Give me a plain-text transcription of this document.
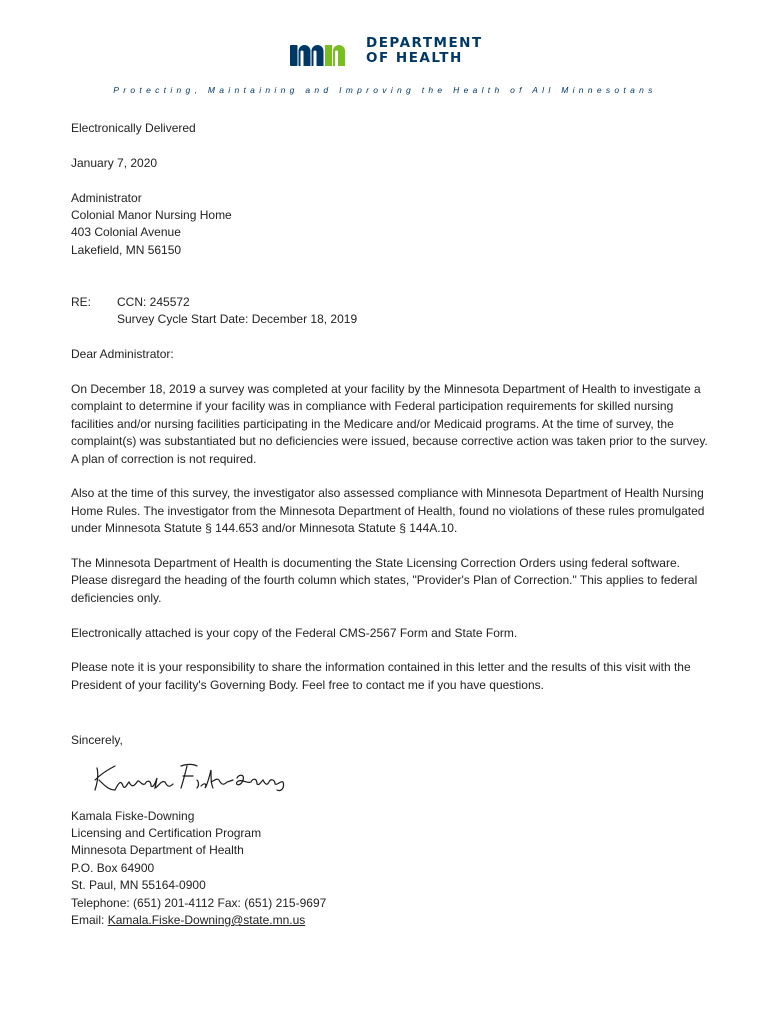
DEPARTMENT
OF HEALTH
Protecting, Maintaining and Improving the Health of All Minnesotans

Electronically Delivered

January 7, 2020

Administrator

Colonial Manor Nursing Home

403 Colonial Avenue

Lakefield, MN 56150

RE:	CCN: 245572

Survey Cycle Start Date: December 18, 2019

Dear Administrator:

On December 18, 2019 a survey was completed at your facility by the Minnesota Department of Health to investigate a complaint to determine if your facility was in compliance with Federal participation requirements for skilled nursing facilities and/or nursing facilities participating in the Medicare and/or Medicaid programs. At the time of survey, the complaint(s) was substantiated but no deficiencies were issued, because corrective action was taken prior to the survey. A plan of correction is not required.

Also at the time of this survey, the investigator also assessed compliance with Minnesota Department of Health Nursing Home Rules. The investigator from the Minnesota Department of Health, found no violations of these rules promulgated under Minnesota Statute § 144.653 and/or Minnesota Statute § 144A.10.

The Minnesota Department of Health is documenting the State Licensing Correction Orders using federal software. Please disregard the heading of the fourth column which states, "Provider's Plan of Correction." This applies to federal deficiencies only.

Electronically attached is your copy of the Federal CMS-2567 Form and State Form.

Please note it is your responsibility to share the information contained in this letter and the results of this visit with the President of your facility's Governing Body. Feel free to contact me if you have questions.

Sincerely,

Kamala Fiske-Downing

Licensing and Certification Program

Minnesota Department of Health

P.O. Box 64900

St. Paul, MN 55164-0900

Telephone: (651) 201-4112 Fax: (651) 215-9697

Email: Kamala.Fiske-Downing@state.mn.us
